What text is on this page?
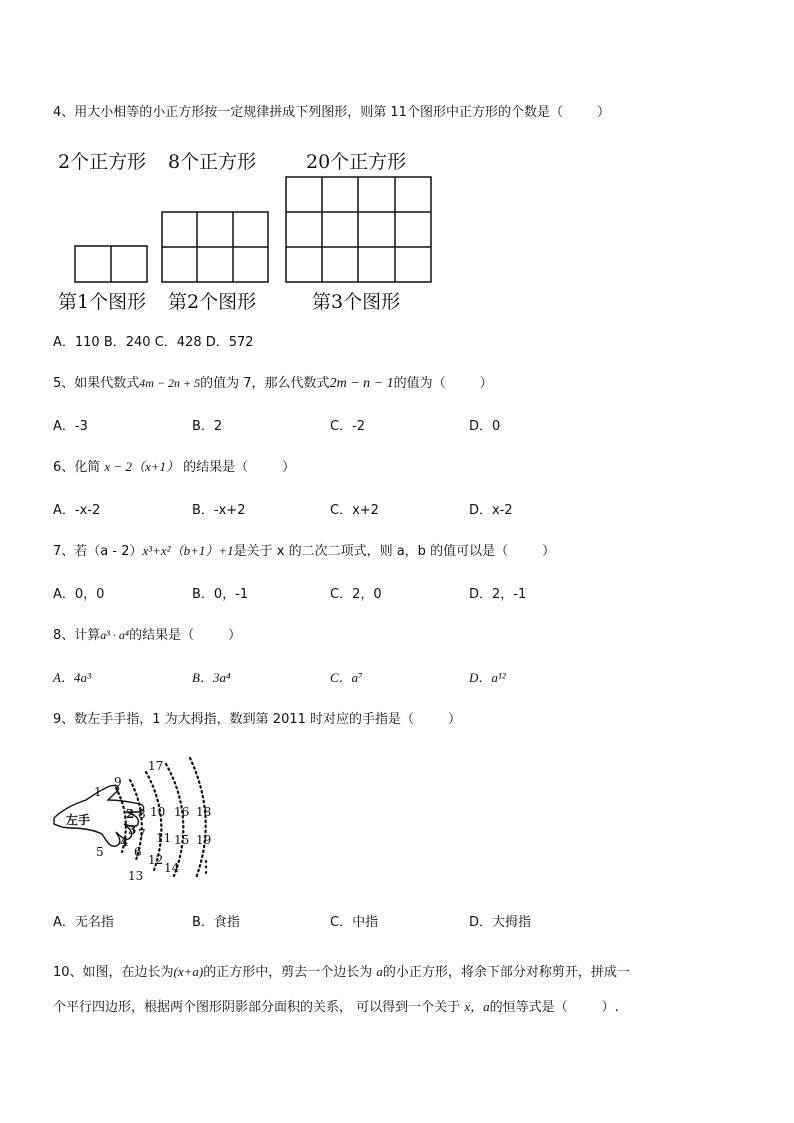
4、用大小相等的小正方形按一定规律拼成下列图形，则第 11个图形中正方形的个数是（	）
2个正方形 8个正方形	20个正方形
第1个图形 第2个图形	第3个图形
A．110 B．240 C．428 D．572
5、如果代数式4m − 2n + 5的值为 7，那么代数式2m − n − 1的值为（	）
A．-3	B．2	C．-2	D．0
6、化简 x − 2（x+1） 的结果是（	）
A．-x-2	B．-x+2	C．x+2	D．x-2
7、若（a - 2）x³+x²（b+1）+1是关于 x 的二次二项式，则 a，b 的值可以是（	）
A．0，0	B．0，-1	C．2，0	D．2，-1
8、计算a³ · a⁴的结果是（	）
A．4a³	B．3a⁴	C．a⁷	D．a¹²
9、数左手手指，1 为大拇指，数到第 2011 时对应的手指是（	）
左手
1
2
3
4
5	6
7
8
9
10
11
12
13
14
15
16
17
18
19
⋮
A．无名指	B．食指	C．中指	D．大拇指
10、如图，在边长为(x+a)的正方形中，剪去一个边长为 a的小正方形，将余下部分对称剪开，拼成一
个平行四边形，根据两个图形阴影部分面积的关系， 可以得到一个关于 x，a的恒等式是（	）.
